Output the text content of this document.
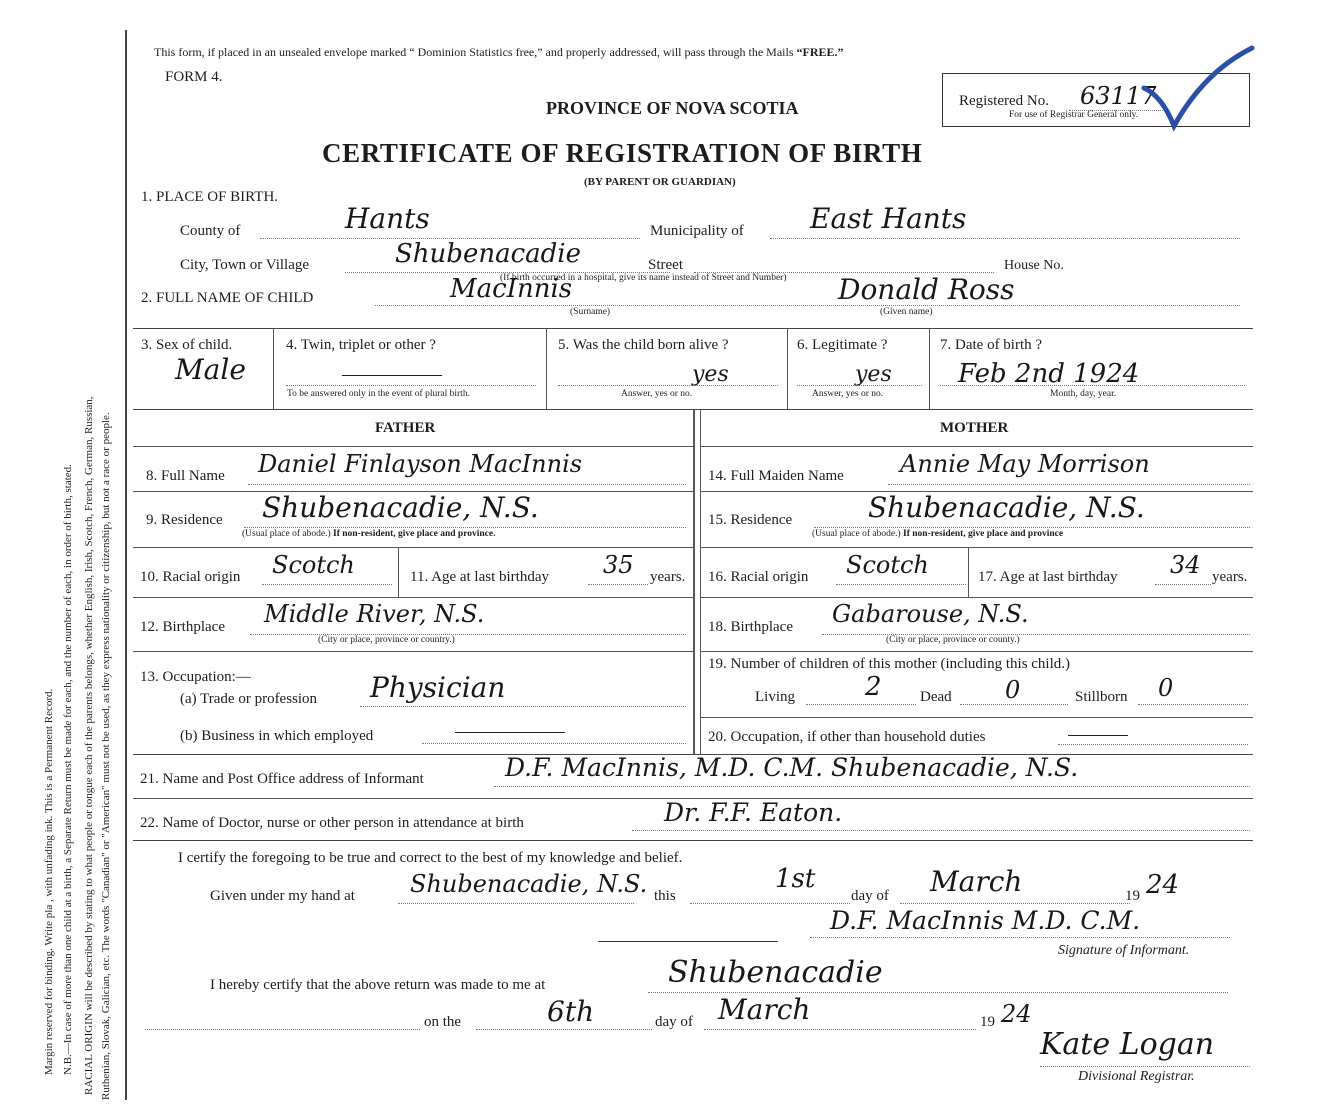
Margin reserved for binding. Write pla , with unfading ink. This is a Permanent Record. N.B.—In case of more than one child at a birth, a Separate Return must be made for each, and the number of each, in order of birth, stated. RACIAL ORIGIN will be described by stating to what people or tongue each of the parents belongs, whether English, Irish, Scotch, French, German, Russian, Ruthenian, Slovak, Galician, etc. The words "Canadian" or "American" must not be used, as they express nationality or citizenship, but not a race or people.
This form, if placed in an unsealed envelope marked “ Dominion Statistics free,” and properly addressed, will pass through the Mails “FREE.”
FORM 4.
PROVINCE OF NOVA SCOTIA
CERTIFICATE OF REGISTRATION OF BIRTH
(BY PARENT OR GUARDIAN)
Registered No. 63117
For use of Registrar General only.
1. PLACE OF BIRTH.
County of	Hants	Municipality of East Hants
City, Town or Village	Shubenacadie	Street	House No.
(If birth occurred in a hospital, give its name instead of Street and Number)
2. FULL NAME OF CHILD	MacInnis	Donald Ross
(Surname)	(Given name)
3. Sex of child.
Male
4. Twin, triplet or other ?
To be answered only in the event of plural birth.
5. Was the child born alive ?
yes
Answer, yes or no.
6. Legitimate ?
yes
Answer, yes or no.
7. Date of birth ?
Feb 2nd 1924
Month, day, year.
FATHER	MOTHER
8. Full Name Daniel Finlayson MacInnis
9. Residence Shubenacadie, N.S.
(Usual place of abode.) If non-resident, give place and province.
10. Racial origin Scotch	11. Age at last birthday 35 years.
12. Birthplace Middle River, N.S.
(City or place, province or country.)
13. Occupation:—
(a) Trade or profession Physician
(b) Business in which employed
14. Full Maiden Name Annie May Morrison
15. Residence	Shubenacadie, N.S.
(Usual place of abode.) If non-resident, give place and province
16. Racial origin Scotch	17. Age at last birthday 34 years.
18. Birthplace Gabarouse, N.S.
(City or place, province or county.)
19. Number of children of this mother (including this child.)
Living	2	Dead 0	Stillborn 0
20. Occupation, if other than household duties
21. Name and Post Office address of Informant	D.F. MacInnis, M.D. C.M. Shubenacadie, N.S.
22. Name of Doctor, nurse or other person in attendance at birth	Dr. F.F. Eaton.
I certify the foregoing to be true and correct to the best of my knowledge and belief.
Given under my hand at Shubenacadie, N.S. this
1st
day of March	19 24
D.F. MacInnis M.D. C.M.
Signature of Informant.
I hereby certify that the above return was made to me at	Shubenacadie
on the	6th	day of March	19 24
Kate Logan
Divisional Registrar.
